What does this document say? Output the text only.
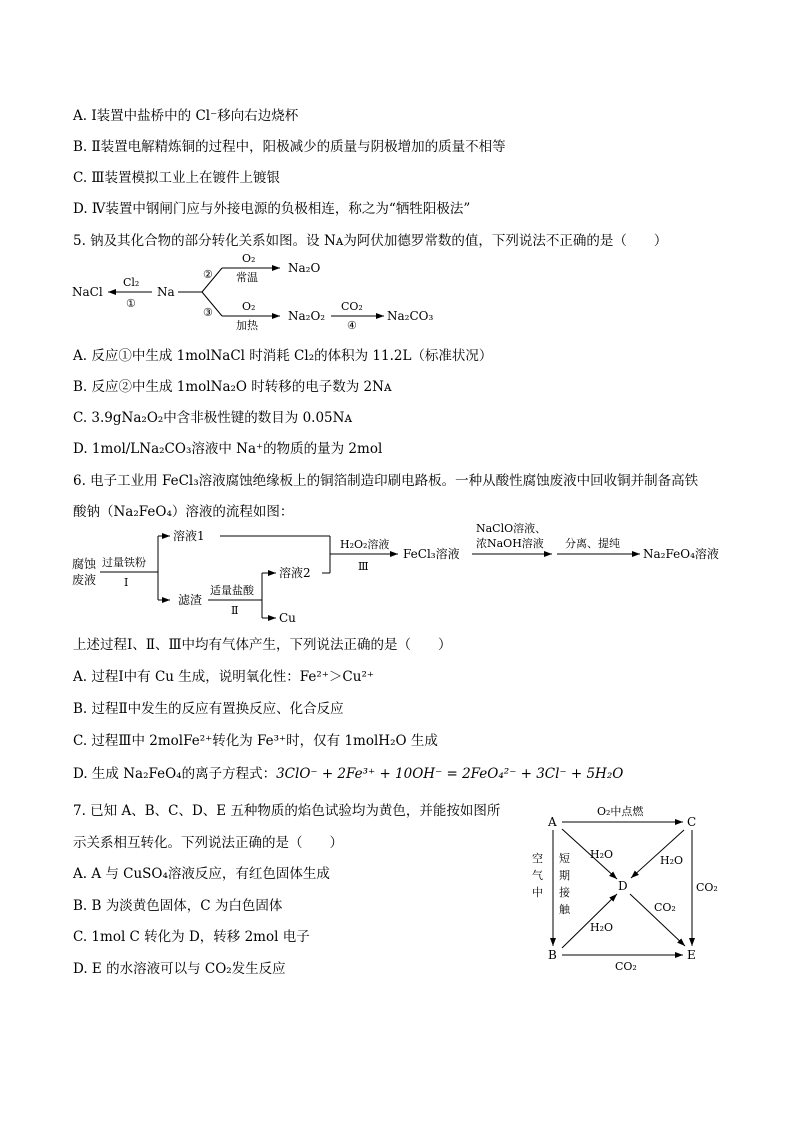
A. Ⅰ装置中盐桥中的 Cl⁻移向右边烧杯
B. Ⅱ装置电解精炼铜的过程中，阳极减少的质量与阴极增加的质量不相等
C. Ⅲ装置模拟工业上在镀件上镀银
D. Ⅳ装置中钢闸门应与外接电源的负极相连，称之为“牺牲阳极法”
5. 钠及其化合物的部分转化关系如图。设 Nᴀ为阿伏加德罗常数的值，下列说法不正确的是（　　）
NaCl
Cl₂
①
Na
②
O₂
常温
Na₂O
③	O₂
加热
Na₂O₂
CO₂
④
Na₂CO₃
A. 反应①中生成 1molNaCl 时消耗 Cl₂的体积为 11.2L（标准状况）
B. 反应②中生成 1molNa₂O 时转移的电子数为 2Nᴀ
C. 3.9gNa₂O₂中含非极性键的数目为 0.05Nᴀ
D. 1mol/LNa₂CO₃溶液中 Na⁺的物质的量为 2mol
6. 电子工业用 FeCl₃溶液腐蚀绝缘板上的铜箔制造印刷电路板。一种从酸性腐蚀废液中回收铜并制备高铁
酸钠（Na₂FeO₄）溶液的流程如图：
腐蚀
废液
过量铁粉
Ⅰ
溶液1
滤渣
适量盐酸
Ⅱ
溶液2
Cu
H₂O₂溶液
Ⅲ
FeCl₃溶液
NaClO溶液、
浓NaOH溶液 分离、提纯
Na₂FeO₄溶液
上述过程Ⅰ、Ⅱ、Ⅲ中均有气体产生，下列说法正确的是（　　）
A. 过程Ⅰ中有 Cu 生成，说明氧化性：Fe²⁺＞Cu²⁺
B. 过程Ⅱ中发生的反应有置换反应、化合反应
C. 过程Ⅲ中 2molFe²⁺转化为 Fe³⁺时，仅有 1molH₂O 生成
D. 生成 Na₂FeO₄的离子方程式：3ClO⁻ + 2Fe³⁺ + 10OH⁻ = 2FeO₄²⁻ + 3Cl⁻ + 5H₂O
7. 已知 A、B、C、D、E 五种物质的焰色试验均为黄色，并能按如图所
示关系相互转化。下列说法正确的是（　　）
A. A 与 CuSO₄溶液反应，有红色固体生成
B. B 为淡黄色固体，C 为白色固体
C. 1mol C 转化为 D，转移 2mol 电子
D. E 的水溶液可以与 CO₂发生反应
A	C
D
B	E
O₂中点燃
空
气
中
短
期
接
触
H₂O	H₂O
H₂O
CO₂
CO₂
CO₂
